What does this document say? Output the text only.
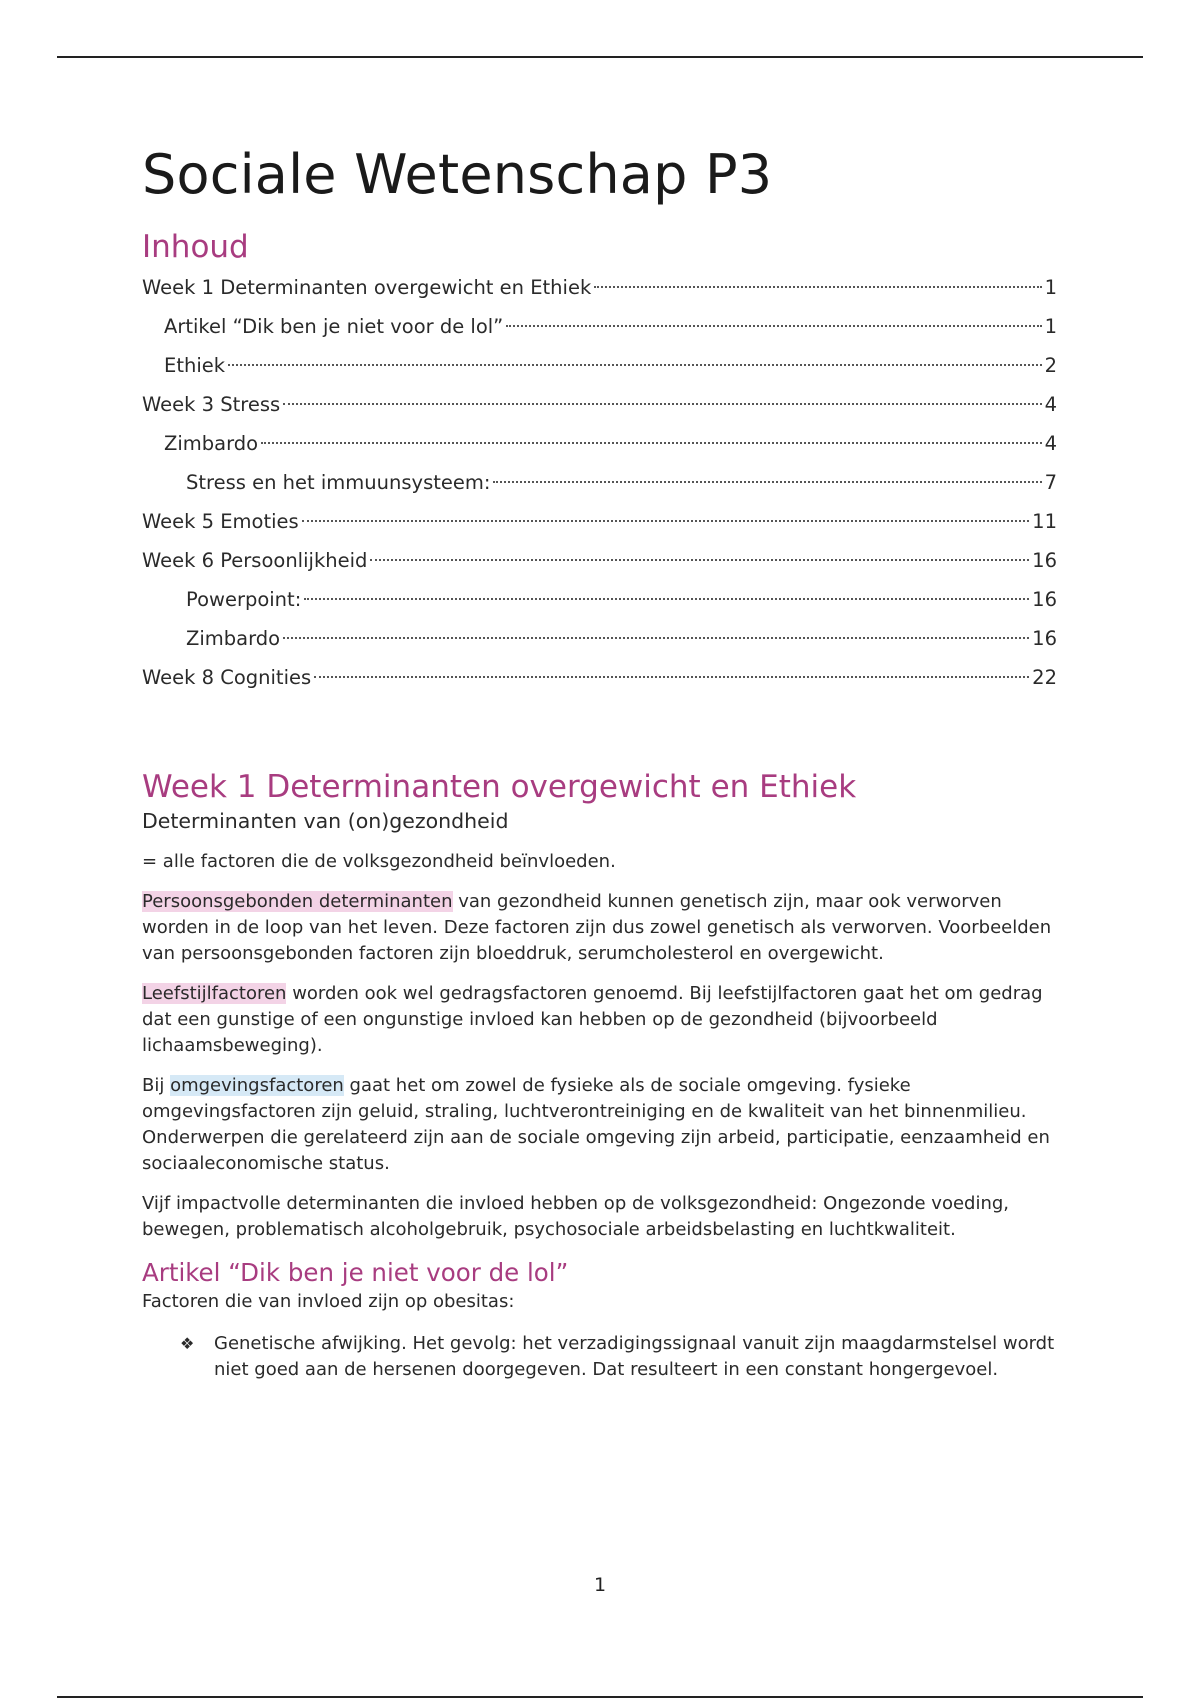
Sociale Wetenschap P3
Inhoud
Week 1 Determinanten overgewicht en Ethiek	1
Artikel “Dik ben je niet voor de lol”	1
Ethiek	2
Week 3 Stress	4
Zimbardo	4
Stress en het immuunsysteem:	7
Week 5 Emoties	11
Week 6 Persoonlijkheid	16
Powerpoint:	16
Zimbardo	16
Week 8 Cognities	22
Week 1 Determinanten overgewicht en Ethiek

Determinanten van (on)gezondheid

= alle factoren die de volksgezondheid beïnvloeden.

Persoonsgebonden determinanten van gezondheid kunnen genetisch zijn, maar ook verworven worden in de loop van het leven. Deze factoren zijn dus zowel genetisch als verworven. Voorbeelden van persoonsgebonden factoren zijn bloeddruk, serumcholesterol en overgewicht.

Leefstijlfactoren worden ook wel gedragsfactoren genoemd. Bij leefstijlfactoren gaat het om gedrag dat een gunstige of een ongunstige invloed kan hebben op de gezondheid (bijvoorbeeld lichaamsbeweging).

Bij omgevingsfactoren gaat het om zowel de fysieke als de sociale omgeving. fysieke omgevingsfactoren zijn geluid, straling, luchtverontreiniging en de kwaliteit van het binnenmilieu. Onderwerpen die gerelateerd zijn aan de sociale omgeving zijn arbeid, participatie, eenzaamheid en sociaaleconomische status.

Vijf impactvolle determinanten die invloed hebben op de volksgezondheid: Ongezonde voeding, bewegen, problematisch alcoholgebruik, psychosociale arbeidsbelasting en luchtkwaliteit.

Artikel “Dik ben je niet voor de lol”

Factoren die van invloed zijn op obesitas:

❖	Genetische afwijking. Het gevolg: het verzadigingssignaal vanuit zijn maagdarmstelsel wordt niet goed aan de hersenen doorgegeven. Dat resulteert in een constant hongergevoel.
1
